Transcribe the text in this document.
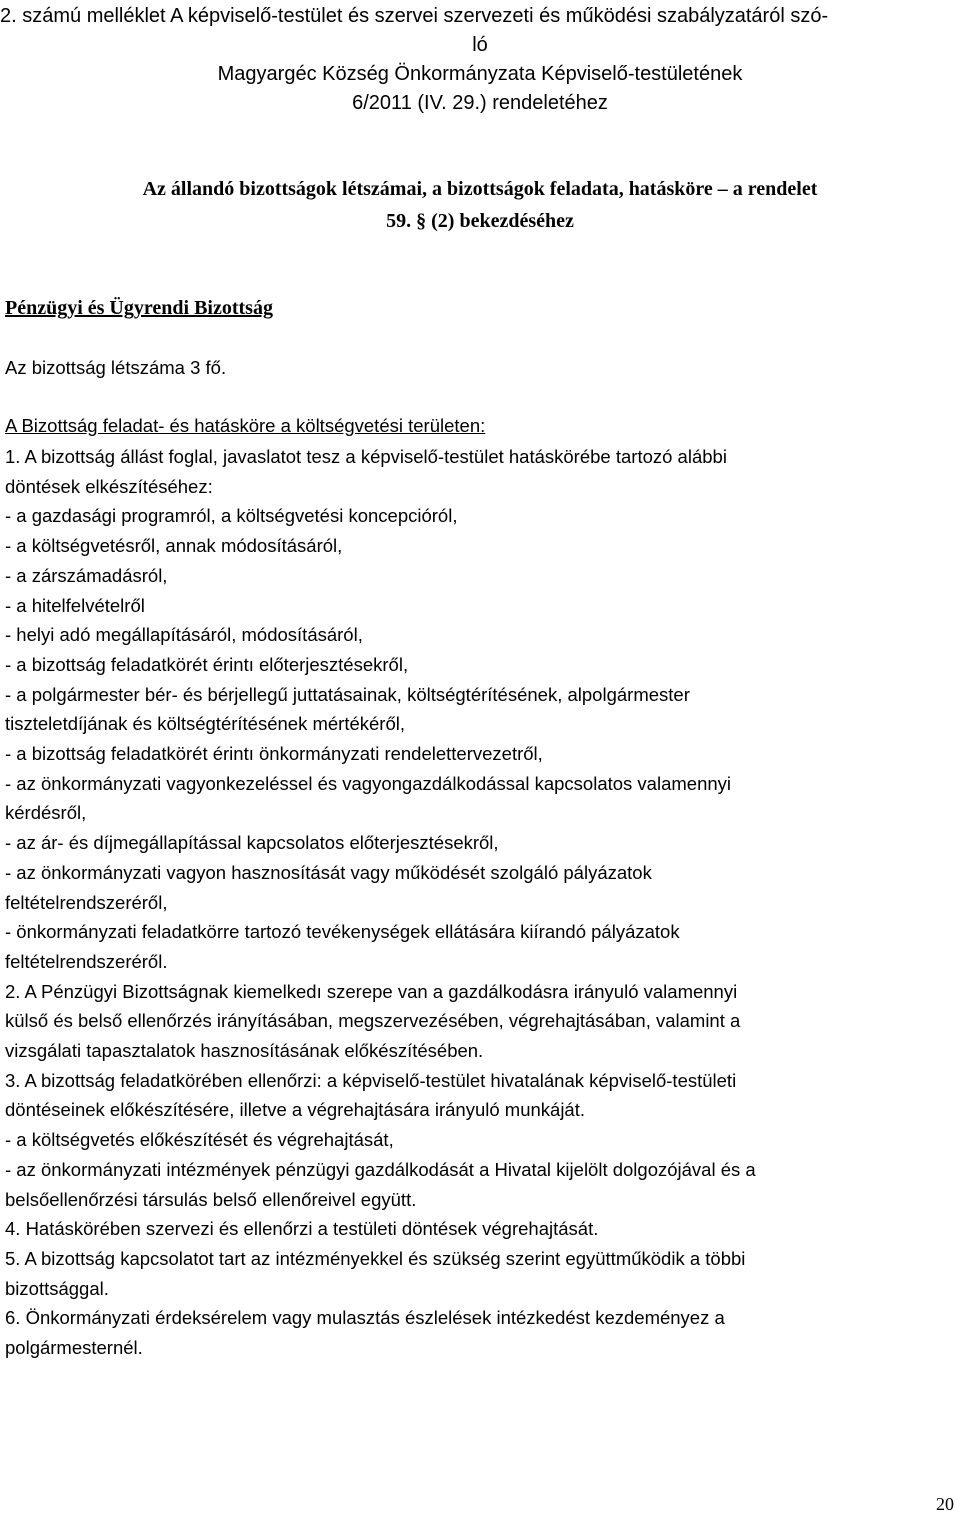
2. számú melléklet A képviselő-testület és szervei szervezeti és működési szabályzatáról szó-
ló
Magyargéc Község Önkormányzata Képviselő-testületének
6/2011 (IV. 29.) rendeletéhez
Az állandó bizottságok létszámai, a bizottságok feladata, hatásköre – a rendelet
59. § (2) bekezdéséhez
Pénzügyi és Ügyrendi Bizottság
Az bizottság létszáma 3 fő.
A Bizottság feladat- és hatásköre a költségvetési területen:
1. A bizottság állást foglal, javaslatot tesz a képviselő-testület hatáskörébe tartozó alábbi
döntések elkészítéséhez:
- a gazdasági programról, a költségvetési koncepcióról,
- a költségvetésről, annak módosításáról,
- a zárszámadásról,
- a hitelfelvételről
- helyi adó megállapításáról, módosításáról,
- a bizottság feladatkörét érintı előterjesztésekről,
- a polgármester bér- és bérjellegű juttatásainak, költségtérítésének, alpolgármester
tiszteletdíjának és költségtérítésének mértékéről,
- a bizottság feladatkörét érintı önkormányzati rendelettervezetről,
- az önkormányzati vagyonkezeléssel és vagyongazdálkodással kapcsolatos valamennyi
kérdésről,
- az ár- és díjmegállapítással kapcsolatos előterjesztésekről,
- az önkormányzati vagyon hasznosítását vagy működését szolgáló pályázatok
feltételrendszeréről,
- önkormányzati feladatkörre tartozó tevékenységek ellátására kiírandó pályázatok
feltételrendszeréről.
2. A Pénzügyi Bizottságnak kiemelkedı szerepe van a gazdálkodásra irányuló valamennyi
külső és belső ellenőrzés irányításában, megszervezésében, végrehajtásában, valamint a
vizsgálati tapasztalatok hasznosításának előkészítésében.
3. A bizottság feladatkörében ellenőrzi: a képviselő-testület hivatalának képviselő-testületi
döntéseinek előkészítésére, illetve a végrehajtására irányuló munkáját.
- a költségvetés előkészítését és végrehajtását,
- az önkormányzati intézmények pénzügyi gazdálkodását a Hivatal kijelölt dolgozójával és a
belsőellenőrzési társulás belső ellenőreivel együtt.
4. Hatáskörében szervezi és ellenőrzi a testületi döntések végrehajtását.
5. A bizottság kapcsolatot tart az intézményekkel és szükség szerint együttműködik a többi
bizottsággal.
6. Önkormányzati érdeksérelem vagy mulasztás észlelések intézkedést kezdeményez a
polgármesternél.
20
